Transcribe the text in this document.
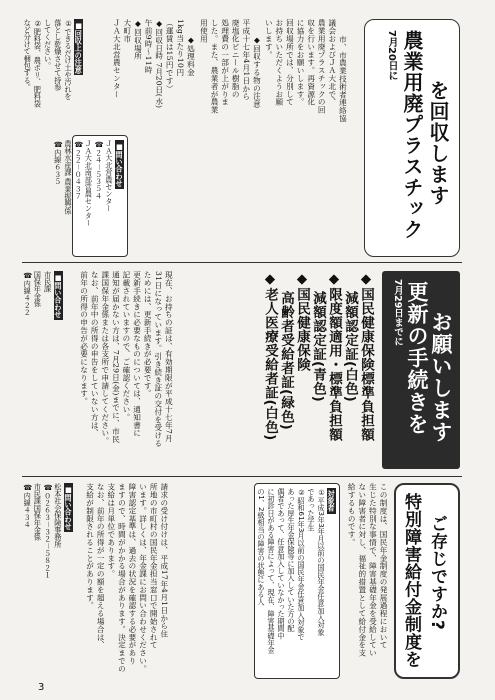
7月20日に 農業用廃プラスチック を回収します

市、市農業技術者連絡協
議会およびＪＡ大北で、
農業用廃プラスチックの回
収を行います。再資源化
に協力をお願いします。
回収場所では、分別して
お持ちいただくようお願
いします。

◆回収する物の注意
平成十七年4月1日から
廃塩化ビニール樹脂の
処理費の一部が上がりま
した。また、農業者が農業
用使用

◆処理料金
1kg当たり10円
（運賃は15円です）
◆回収日時 7月20日(水)
午前9時～11時
◆回収場所
大町市
ＪＡ大北営農センター

■問い合わせ
ＪＡ大北営農センター
☎２４－５３５４
ＪＡ大北南部営農センター
☎２２－０４３７
農林水産課 農業振興係
☎内線６３５
■回収上の注意
①できるだけ土や汚れを
落とし乾燥させて持参
してください。
②肥料袋、農ポリ、肥料袋
など分けて梱包する。
7月29日までに 更新の手続きを お願いします
◆国民健康保険標準負担額
減額認定証(白色)
◆限度額適用・標準負担額
減額認定証(青色)
◆国民健康保険
高齢者受給者証(緑色)
◆老人医療受給者証(白色)
現在、お持ちの証は、有効期限が平成十七年7月
31日になっています。引き続き証の交付を受ける
ためには、更新手続きが必要です。
更新手続きに必要なものについては、通知書に
記載されていますので、ご確認ください。
通知が届かない方は、7月29日(金)までに、市民
課国保年金係または各支所で申請してください。
なお、前年中の所得の申告をしていない方は、
前年の所得の申告が必要になります。
■問い合わせ
市民課
国保年金係
☎内線４２２
特別障害給付金制度を ご存じですか?
この制度は、国民年金制度の発展過程において
生じた特別な事情で、障害基礎年金を受給してい
ない障害者に対し、福祉的措置として給付金を支
給するものです。
対象者
①平成3年3年月以前の国民年金任意加入対象
であった学生
②昭和61年3月以前の国民年金任意加入対象で
あった厚生年金保険等に加入していた方の配
偶者であって、任意加入していなかった期間中
に初診日がある障害によって、現在、障害基礎年金
の1、2級相当の障害の状態にある人
請求の受け付けは、平成17年4月1日から住
所地の市町村の国民年金担当窓口で開始されて
います。詳しくは、年金課にお問い合わせください。
障害認定基準は、過去の状況を確認する必要があり
ますので、時間がかかる場合があります。決定までの
支給は月単位であります。
なお、前年の所得が一定の額を超える場合は、
支給が制限されることがあります。
■問い合わせ
松本社会保険事務所
☎０２６３－３２－５８２１
市民課国保年金係
☎内線４３４
3
